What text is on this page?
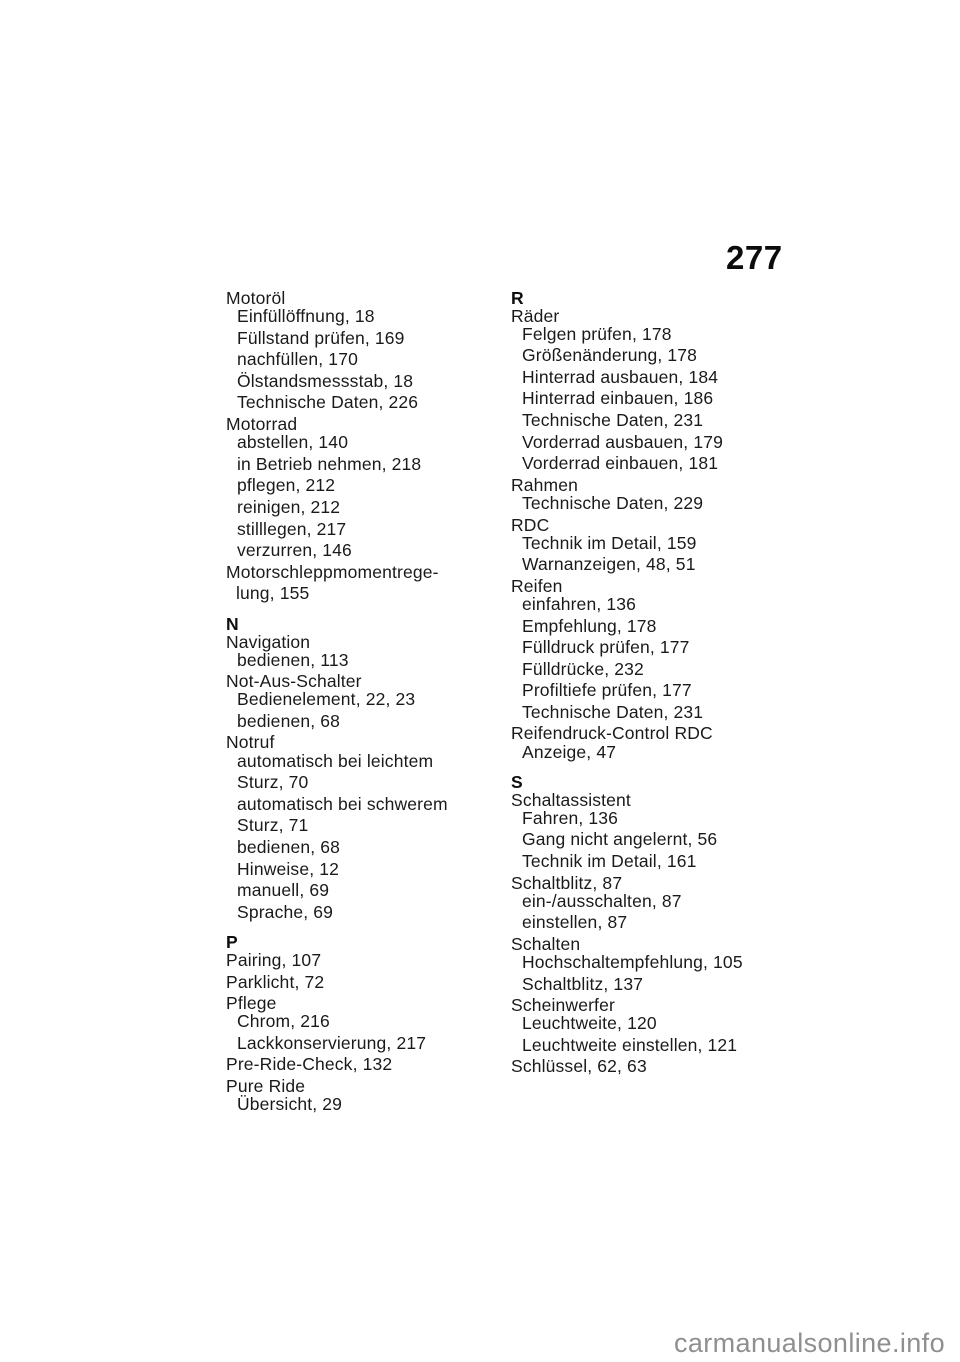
277
Motoröl
Einfüllöffnung, 18
Füllstand prüfen, 169
nachfüllen, 170
Ölstandsmessstab, 18
Technische Daten, 226
Motorrad
abstellen, 140
in Betrieb nehmen, 218
pflegen, 212
reinigen, 212
stilllegen, 217
verzurren, 146
Motorschleppmomentrege-
lung, 155
N
Navigation
bedienen, 113
Not-Aus-Schalter
Bedienelement, 22, 23
bedienen, 68
Notruf
automatisch bei leichtem
Sturz, 70
automatisch bei schwerem
Sturz, 71
bedienen, 68
Hinweise, 12
manuell, 69
Sprache, 69
P
Pairing, 107
Parklicht, 72
Pflege
Chrom, 216
Lackkonservierung, 217
Pre-Ride-Check, 132
Pure Ride
Übersicht, 29
R
Räder
Felgen prüfen, 178
Größenänderung, 178
Hinterrad ausbauen, 184
Hinterrad einbauen, 186
Technische Daten, 231
Vorderrad ausbauen, 179
Vorderrad einbauen, 181
Rahmen
Technische Daten, 229
RDC
Technik im Detail, 159
Warnanzeigen, 48, 51
Reifen
einfahren, 136
Empfehlung, 178
Fülldruck prüfen, 177
Fülldrücke, 232
Profiltiefe prüfen, 177
Technische Daten, 231
Reifendruck-Control RDC
Anzeige, 47
S
Schaltassistent
Fahren, 136
Gang nicht angelernt, 56
Technik im Detail, 161
Schaltblitz, 87
ein-/ausschalten, 87
einstellen, 87
Schalten
Hochschaltempfehlung, 105
Schaltblitz, 137
Scheinwerfer
Leuchtweite, 120
Leuchtweite einstellen, 121
Schlüssel, 62, 63
carmanualsonline.info
